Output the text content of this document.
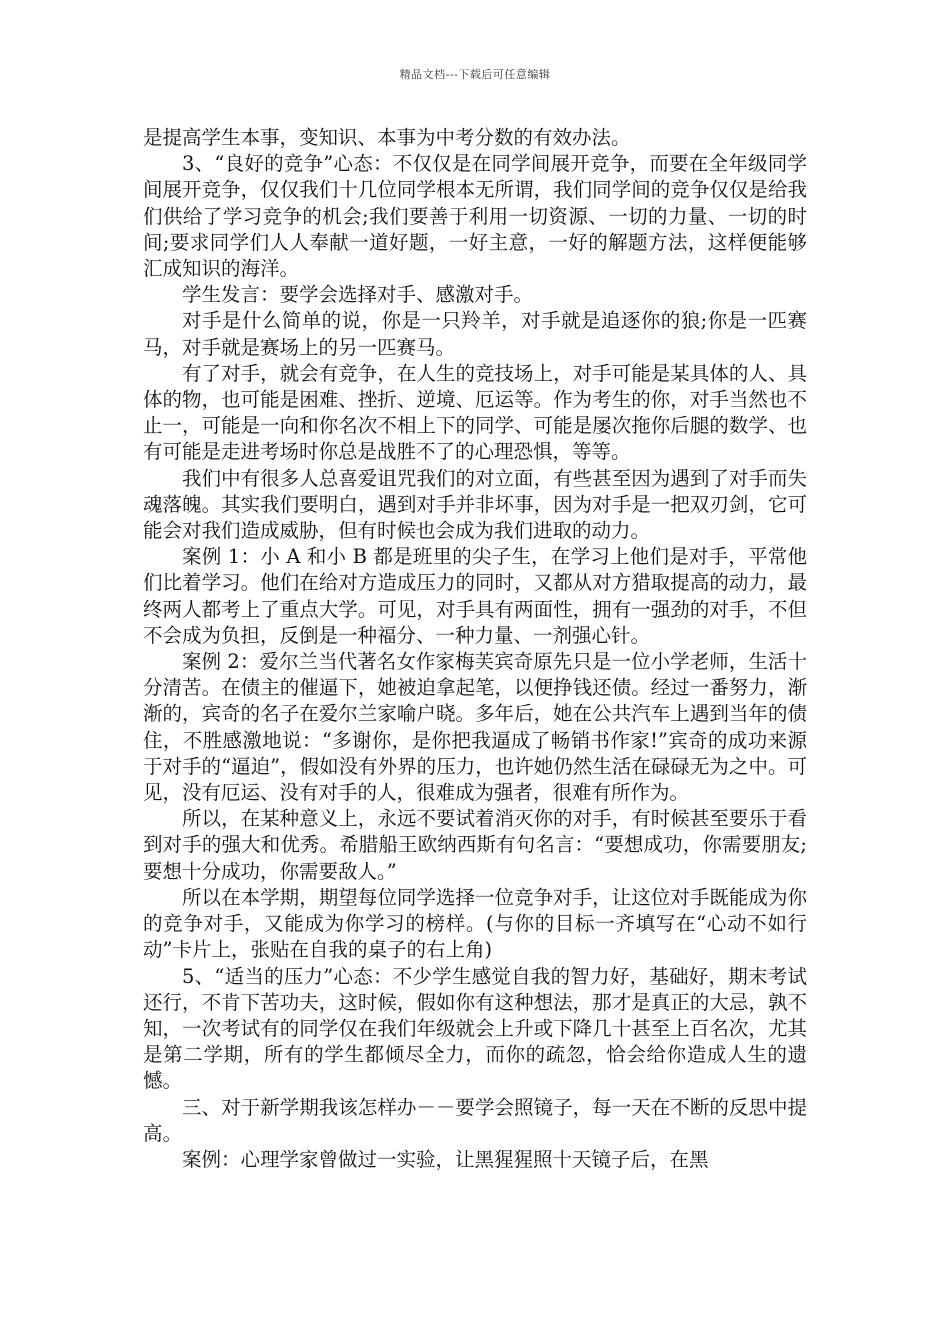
精品文档---下载后可任意编辑

是提高学生本事，变知识、本事为中考分数的有效办法。

3、“良好的竞争”心态：不仅仅是在同学间展开竞争，而要在全年级同学间展开竞争，仅仅我们十几位同学根本无所谓，我们同学间的竞争仅仅是给我们供给了学习竞争的机会;我们要善于利用一切资源、一切的力量、一切的时间;要求同学们人人奉献一道好题，一好主意，一好的解题方法，这样便能够汇成知识的海洋。

学生发言：要学会选择对手、感激对手。

对手是什么简单的说，你是一只羚羊，对手就是追逐你的狼;你是一匹赛马，对手就是赛场上的另一匹赛马。

有了对手，就会有竞争，在人生的竞技场上，对手可能是某具体的人、具体的物，也可能是困难、挫折、逆境、厄运等。作为考生的你，对手当然也不止一，可能是一向和你名次不相上下的同学、可能是屡次拖你后腿的数学、也有可能是走进考场时你总是战胜不了的心理恐惧，等等。

我们中有很多人总喜爱诅咒我们的对立面，有些甚至因为遇到了对手而失魂落魄。其实我们要明白，遇到对手并非坏事，因为对手是一把双刃剑，它可能会对我们造成威胁，但有时候也会成为我们进取的动力。

案例 1：小 A 和小 B 都是班里的尖子生，在学习上他们是对手，平常他们比着学习。他们在给对方造成压力的同时，又都从对方猎取提高的动力，最终两人都考上了重点大学。可见，对手具有两面性，拥有一强劲的对手，不但不会成为负担，反倒是一种福分、一种力量、一剂强心针。

案例 2：爱尔兰当代著名女作家梅芙宾奇原先只是一位小学老师，生活十分清苦。在债主的催逼下，她被迫拿起笔，以便挣钱还债。经过一番努力，渐渐的，宾奇的名子在爱尔兰家喻户晓。多年后，她在公共汽车上遇到当年的债住，不胜感激地说：“多谢你，是你把我逼成了畅销书作家!”宾奇的成功来源于对手的“逼迫”，假如没有外界的压力，也许她仍然生活在碌碌无为之中。可见，没有厄运、没有对手的人，很难成为强者，很难有所作为。

所以，在某种意义上，永远不要试着消灭你的对手，有时候甚至要乐于看到对手的强大和优秀。希腊船王欧纳西斯有句名言：“要想成功，你需要朋友;要想十分成功，你需要敌人。”

所以在本学期，期望每位同学选择一位竞争对手，让这位对手既能成为你的竞争对手，又能成为你学习的榜样。(与你的目标一齐填写在“心动不如行动”卡片上，张贴在自我的桌子的右上角)

5、“适当的压力”心态：不少学生感觉自我的智力好，基础好，期末考试还行，不肯下苦功夫，这时候，假如你有这种想法，那才是真正的大忌，孰不知，一次考试有的同学仅在我们年级就会上升或下降几十甚至上百名次，尤其是第二学期，所有的学生都倾尽全力，而你的疏忽，恰会给你造成人生的遗憾。

三、对于新学期我该怎样办－－要学会照镜子，每一天在不断的反思中提高。

案例：心理学家曾做过一实验，让黑猩猩照十天镜子后，在黑
